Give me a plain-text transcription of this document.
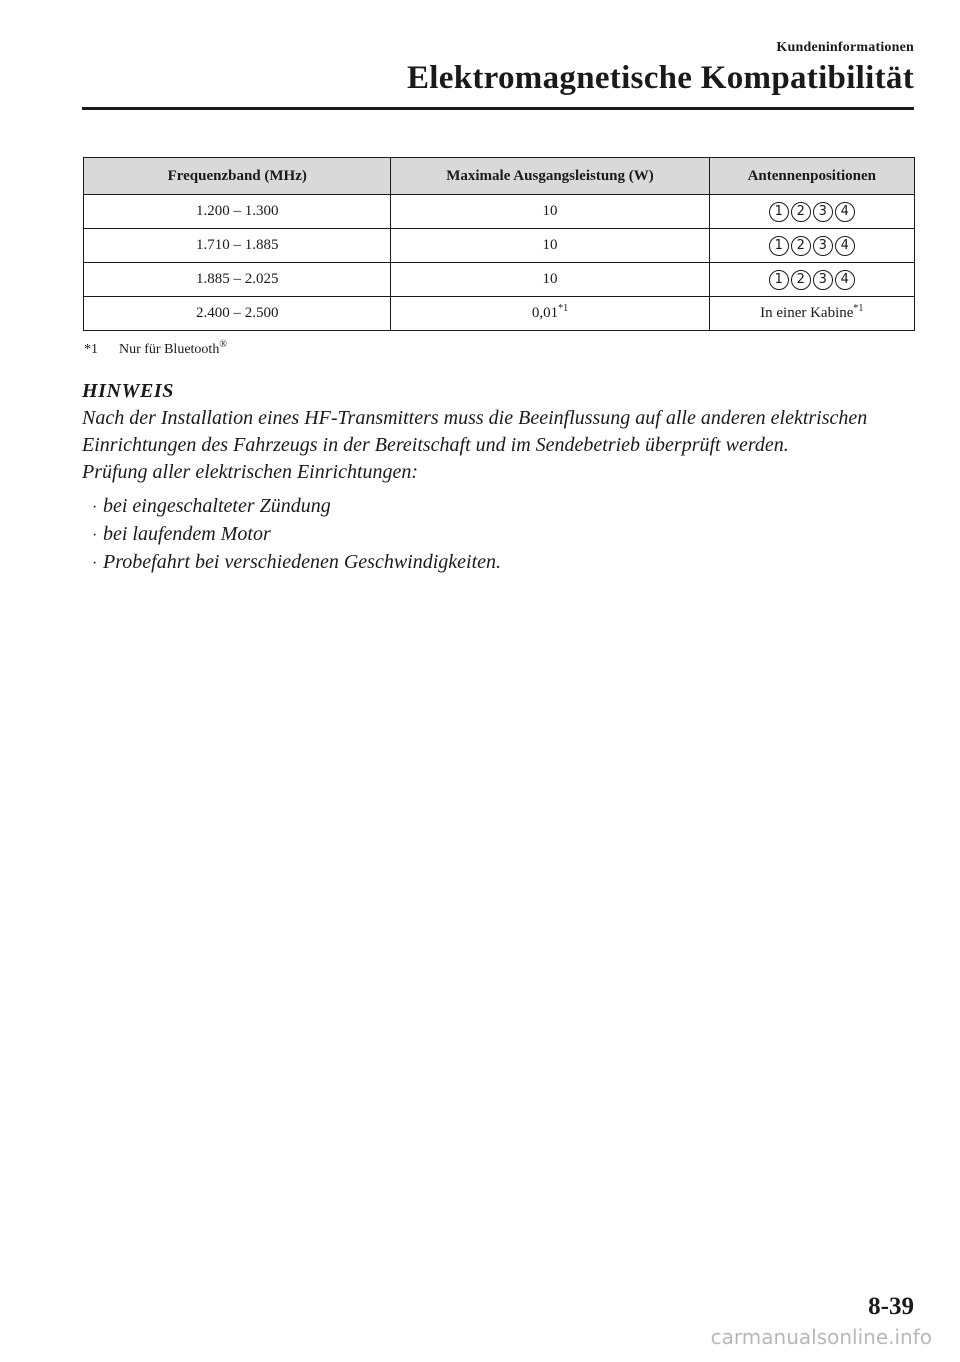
Kundeninformationen
Elektromagnetische Kompatibilität
Frequenzband (MHz)	Maximale Ausgangsleistung (W)	Antennenpositionen
1.200 – 1.300	10	1 2 3 4

1.710 – 1.885	10	1 2 3 4

1.885 – 2.025	10	1 2 3 4

2.400 – 2.500	0,01$^{*1}$	In einer Kabine$^{*1}$
*1 Nur für Bluetooth®
HINWEIS

Nach der Installation eines HF-Transmitters muss die Beeinflussung auf alle anderen elektrischen Einrichtungen des Fahrzeugs in der Bereitschaft und im Sendebetrieb überprüft werden.

Prüfung aller elektrischen Einrichtungen:

· bei eingeschalteter Zündung
· bei laufendem Motor
· Probefahrt bei verschiedenen Geschwindigkeiten.
8-39
carmanualsonline.info
